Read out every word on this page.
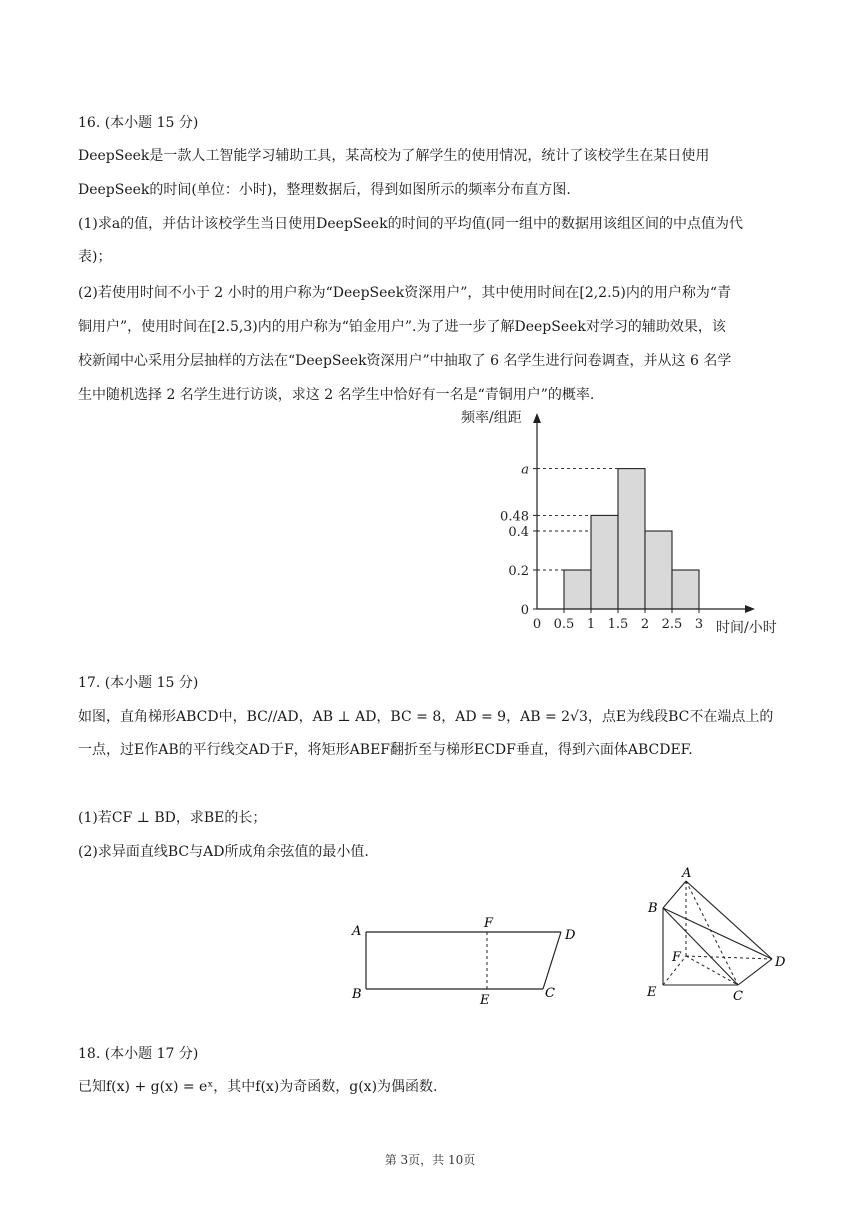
16. (本小题 15 分)
DeepSeek是一款人工智能学习辅助工具，某高校为了解学生的使用情况，统计了该校学生在某日使用
DeepSeek的时间(单位：小时)，整理数据后，得到如图所示的频率分布直方图.
(1)求a的值，并估计该校学生当日使用DeepSeek的时间的平均值(同一组中的数据用该组区间的中点值为代
表)；
(2)若使用时间不小于 2 小时的用户称为“DeepSeek资深用户”，其中使用时间在[2,2.5)内的用户称为“青
铜用户”，使用时间在[2.5,3)内的用户称为“铂金用户”.为了进一步了解DeepSeek对学习的辅助效果，该
校新闻中心采用分层抽样的方法在“DeepSeek资深用户”中抽取了 6 名学生进行问卷调查，并从这 6 名学
生中随机选择 2 名学生进行访谈，求这 2 名学生中恰好有一名是“青铜用户”的概率.
0
0.2
0.4
0.48
a
0 0.5 1 1.5 2 2.5 3
频率/组距
时间/小时
17. (本小题 15 分)
如图，直角梯形ABCD中，BC//AD，AB ⊥ AD，BC = 8，AD = 9，AB = 2√3，点E为线段BC不在端点上的
一点，过E作AB的平行线交AD于F，将矩形ABEF翻折至与梯形ECDF垂直，得到六面体ABCDEF.
(1)若CF ⊥ BD，求BE的长；
(2)求异面直线BC与AD所成角余弦值的最小值.
A
F
D
B	E	C
A
B
F	D
E	C
18. (本小题 17 分)
已知f(x) + g(x) = eˣ，其中f(x)为奇函数，g(x)为偶函数.
第 3页，共 10页
